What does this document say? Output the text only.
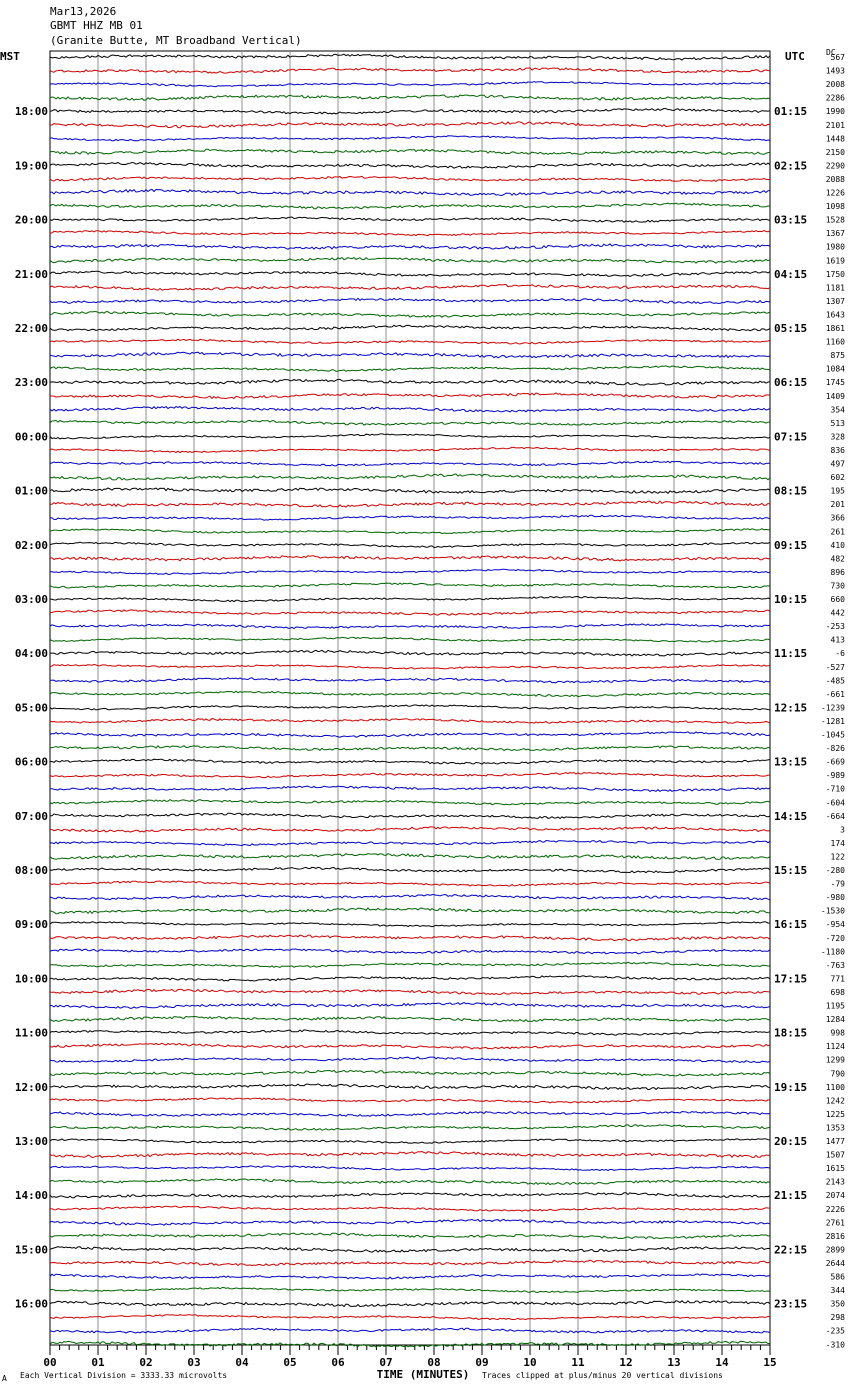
Mar13,2026
GBMT HHZ MB 01
(Granite Butte, MT Broadband Vertical)
MST	UTC	DC
00	01	02	03	04	05	06	07	08	09	10	11	12	13	14	15
567
1493
2008
2286
1990
2101
1448
2150
2290
2088
1226
1098
1528
1367
1980
1619
1750
1181
1307
1643
1861
1160
875
1084
1745
1409
354
513
328
836
497
602
195
201
366
261
410
482
896
730
660
442
-253
413
-6
-527
-485
-661
-1239
-1281
-1045
-826
-669
-989
-710
-604
-664
3
174
122
-280
-79
-980
-1530
-954
-720
-1180
-763
771
698
1195
1284
998
1124
1299
790
1100
1242
1225
1353
1477
1507
1615
2143
2074
2226
2761
2816
2899
2644
586
344
350
298
-235
-310
18:00
19:00
20:00
21:00
22:00
23:00
00:00
01:00
02:00
03:00
04:00
05:00
06:00
07:00
08:00
09:00
10:00
11:00
12:00
13:00
14:00
15:00
16:00
01:15
02:15
03:15
04:15
05:15
06:15
07:15
08:15
09:15
10:15
11:15
12:15
13:15
14:15
15:15
16:15
17:15
18:15
19:15
20:15
21:15
22:15
23:15
TIME (MINUTES)
A Each Vertical Division = 3333.33 microvolts	Traces clipped at plus/minus 20 vertical divisions
